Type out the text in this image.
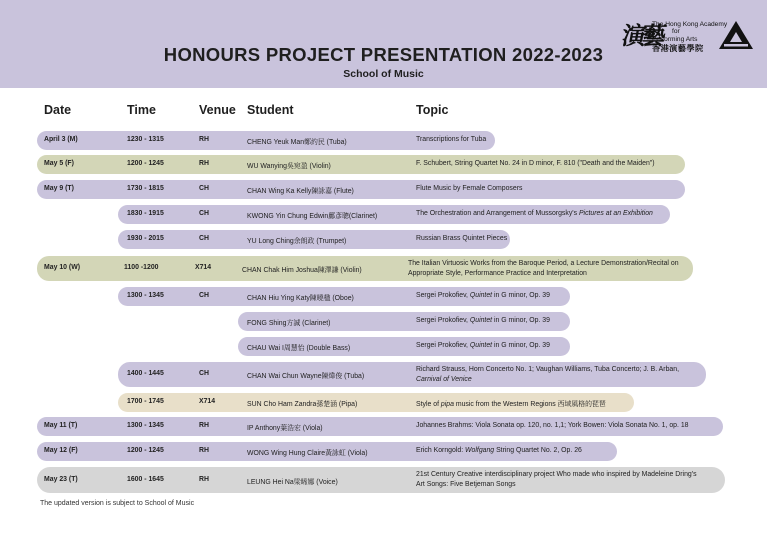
HONOURS PROJECT PRESENTATION 2022-2023
School of Music
演藝
The Hong Kong Academy
for
Performing Arts
香港演藝學院
Date	Time	Venue Student	Topic
April 3 (M)	1230 - 1315	RH	CHENG Yeuk Man鄭約民 (Tuba)	Transcriptions for Tuba
May 5 (F)	1200 - 1245	RH	WU Wanying吳宛盈 (Violin)	F. Schubert, String Quartet No. 24 in D minor, F. 810 ("Death and the Maiden")
May 9 (T)	1730 - 1815	CH	CHAN Wing Ka Kelly陳詠嘉 (Flute)	Flute Music by Female Composers
1830 - 1915	CH	KWONG Yin Chung Edwin鄺彥聰(Clarinet)	The Orchestration and Arrangement of Mussorgsky's Pictures at an Exhibition
1930 - 2015	CH	YU Long Ching余朗政 (Trumpet)	Russian Brass Quintet Pieces
May 10 (W)	1100 -1200	X714	CHAN Chak Him Joshua陳澤謙 (Violin)
The Italian Virtuosic Works from the Baroque Period, a Lecture Demonstration/Recital on
Appropriate Style, Performance Practice and Interpretation
1300 - 1345	CH	CHAN Hiu Ying Katy陳曉楹 (Oboe)	Sergei Prokofiev, Quintet in G minor, Op. 39
FONG Shing方誠 (Clarinet)	Sergei Prokofiev, Quintet in G minor, Op. 39
CHAU Wai I周慧怡 (Double Bass)	Sergei Prokofiev, Quintet in G minor, Op. 39
1400 - 1445	CH	CHAN Wai Chun Wayne陳煒俊 (Tuba)
Richard Strauss, Horn Concerto No. 1; Vaughan Williams, Tuba Concerto; J. B. Arban,
Carnival of Venice
1700 - 1745	X714	SUN Cho Ham Zandra孫楚涵 (Pipa)	Style of pipa music from the Western Regions 西域風格的琵琶
May 11 (T)	1300 - 1345	RH	IP Anthony葉浩宏 (Viola)	Johannes Brahms: Viola Sonata op. 120, no. 1,1; York Bowen: Viola Sonata No. 1, op. 18
May 12 (F)	1200 - 1245	RH	WONG Wing Hung Claire黃詠虹 (Viola)	Erich Korngold: Wolfgang String Quartet No. 2, Op. 26
May 23 (T)	1600 - 1645	RH	LEUNG Hei Na梁晞娜 (Voice)
21st Century Creative interdisciplinary project Who made who inspired by Madeleine Dring's
Art Songs: Five Betjeman Songs
The updated version is subject to School of Music
